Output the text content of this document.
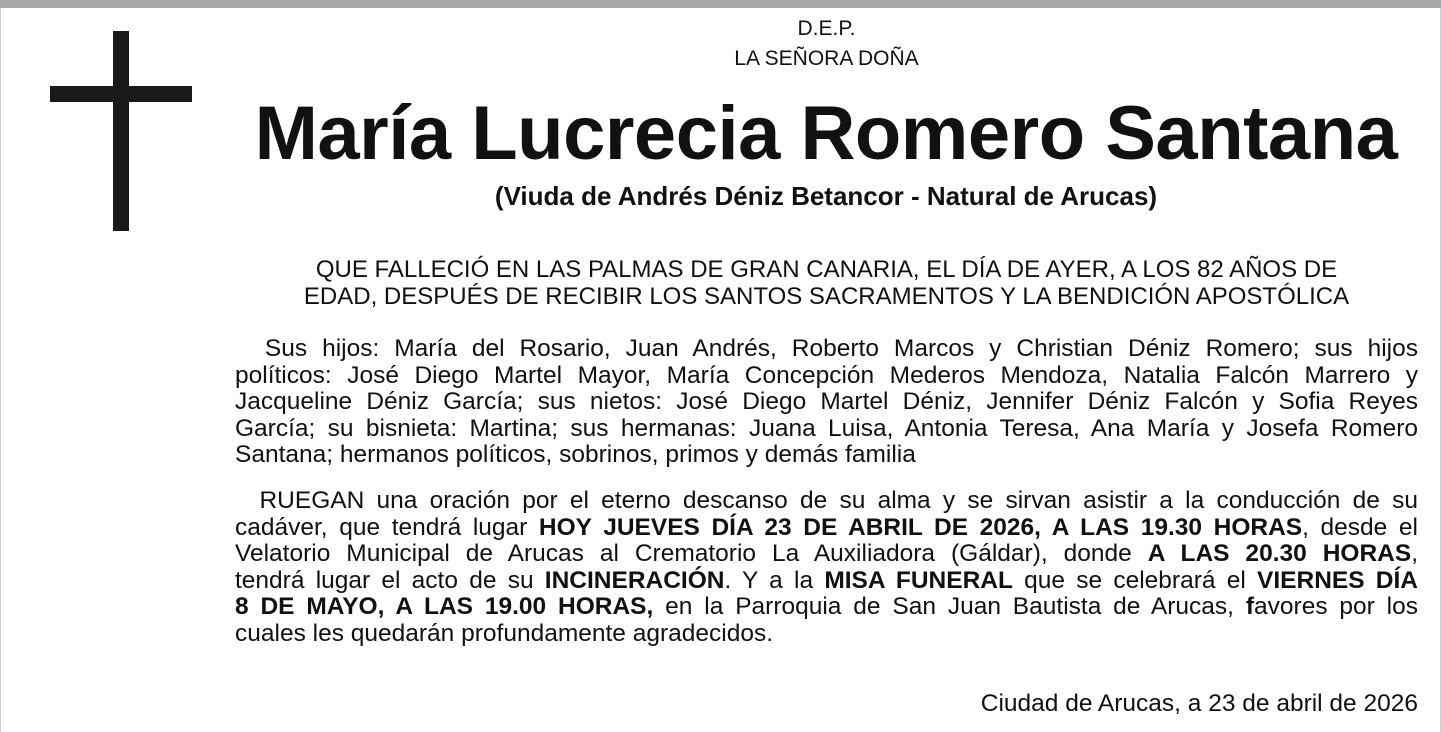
D.E.P.
LA SEÑORA DOÑA
María Lucrecia Romero Santana
(Viuda de Andrés Déniz Betancor - Natural de Arucas)
QUE FALLECIÓ EN LAS PALMAS DE GRAN CANARIA, EL DÍA DE AYER, A LOS 82 AÑOS DE
EDAD, DESPUÉS DE RECIBIR LOS SANTOS SACRAMENTOS Y LA BENDICIÓN APOSTÓLICA
Sus hijos: María del Rosario, Juan Andrés, Roberto Marcos y Christian Déniz Romero; sus hijos
políticos: José Diego Martel Mayor, María Concepción Mederos Mendoza, Natalia Falcón Marrero y
Jacqueline Déniz García; sus nietos: José Diego Martel Déniz, Jennifer Déniz Falcón y Sofia Reyes
García; su bisnieta: Martina; sus hermanas: Juana Luisa, Antonia Teresa, Ana María y Josefa Romero
Santana; hermanos políticos, sobrinos, primos y demás familia
RUEGAN una oración por el eterno descanso de su alma y se sirvan asistir a la conducción de su
cadáver, que tendrá lugar HOY JUEVES DÍA 23 DE ABRIL DE 2026, A LAS 19.30 HORAS, desde el
Velatorio Municipal de Arucas al Crematorio La Auxiliadora (Gáldar), donde A LAS 20.30 HORAS,
tendrá lugar el acto de su INCINERACIÓN. Y a la MISA FUNERAL que se celebrará el VIERNES DÍA
8 DE MAYO, A LAS 19.00 HORAS, en la Parroquia de San Juan Bautista de Arucas, favores por los
cuales les quedarán profundamente agradecidos.
Ciudad de Arucas, a 23 de abril de 2026
